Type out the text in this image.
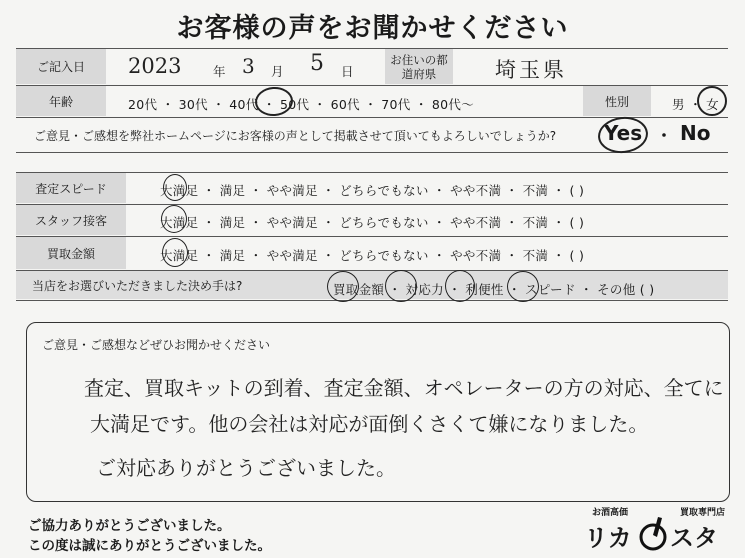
お客様の声をお聞かせください
ご記入日	2023	年 3 月 5 日
お住いの都道府県	埼玉県
年齢	20代 ・ 30代 ・ 40代 ・ 50代 ・ 60代 ・ 70代 ・ 80代〜	性別	男 ・ 女
ご意見・ご感想を弊社ホームページにお客様の声として掲載させて頂いてもよろしいでしょうか? Yes ・ No
査定スピード	大満足 ・ 満足 ・ やや満足 ・ どちらでもない ・ やや不満 ・ 不満 ・ ( )
スタッフ接客	大満足 ・ 満足 ・ やや満足 ・ どちらでもない ・ やや不満 ・ 不満 ・ ( )
買取金額	大満足 ・ 満足 ・ やや満足 ・ どちらでもない ・ やや不満 ・ 不満 ・ ( )
当店をお選びいただきました決め手は?	買取金額 ・ 対応力 ・ 利便性 ・ スピード ・ その他 ( )
ご意見・ご感想などぜひお聞かせください
査定、買取キットの到着、査定金額、オペレーターの方の対応、全てに
大満足です。他の会社は対応が面倒くさくて嫌になりました。
ご対応ありがとうございました。
ご協力ありがとうございました。
この度は誠にありがとうございました。
お酒高価	買取専門店
リカ スタ
